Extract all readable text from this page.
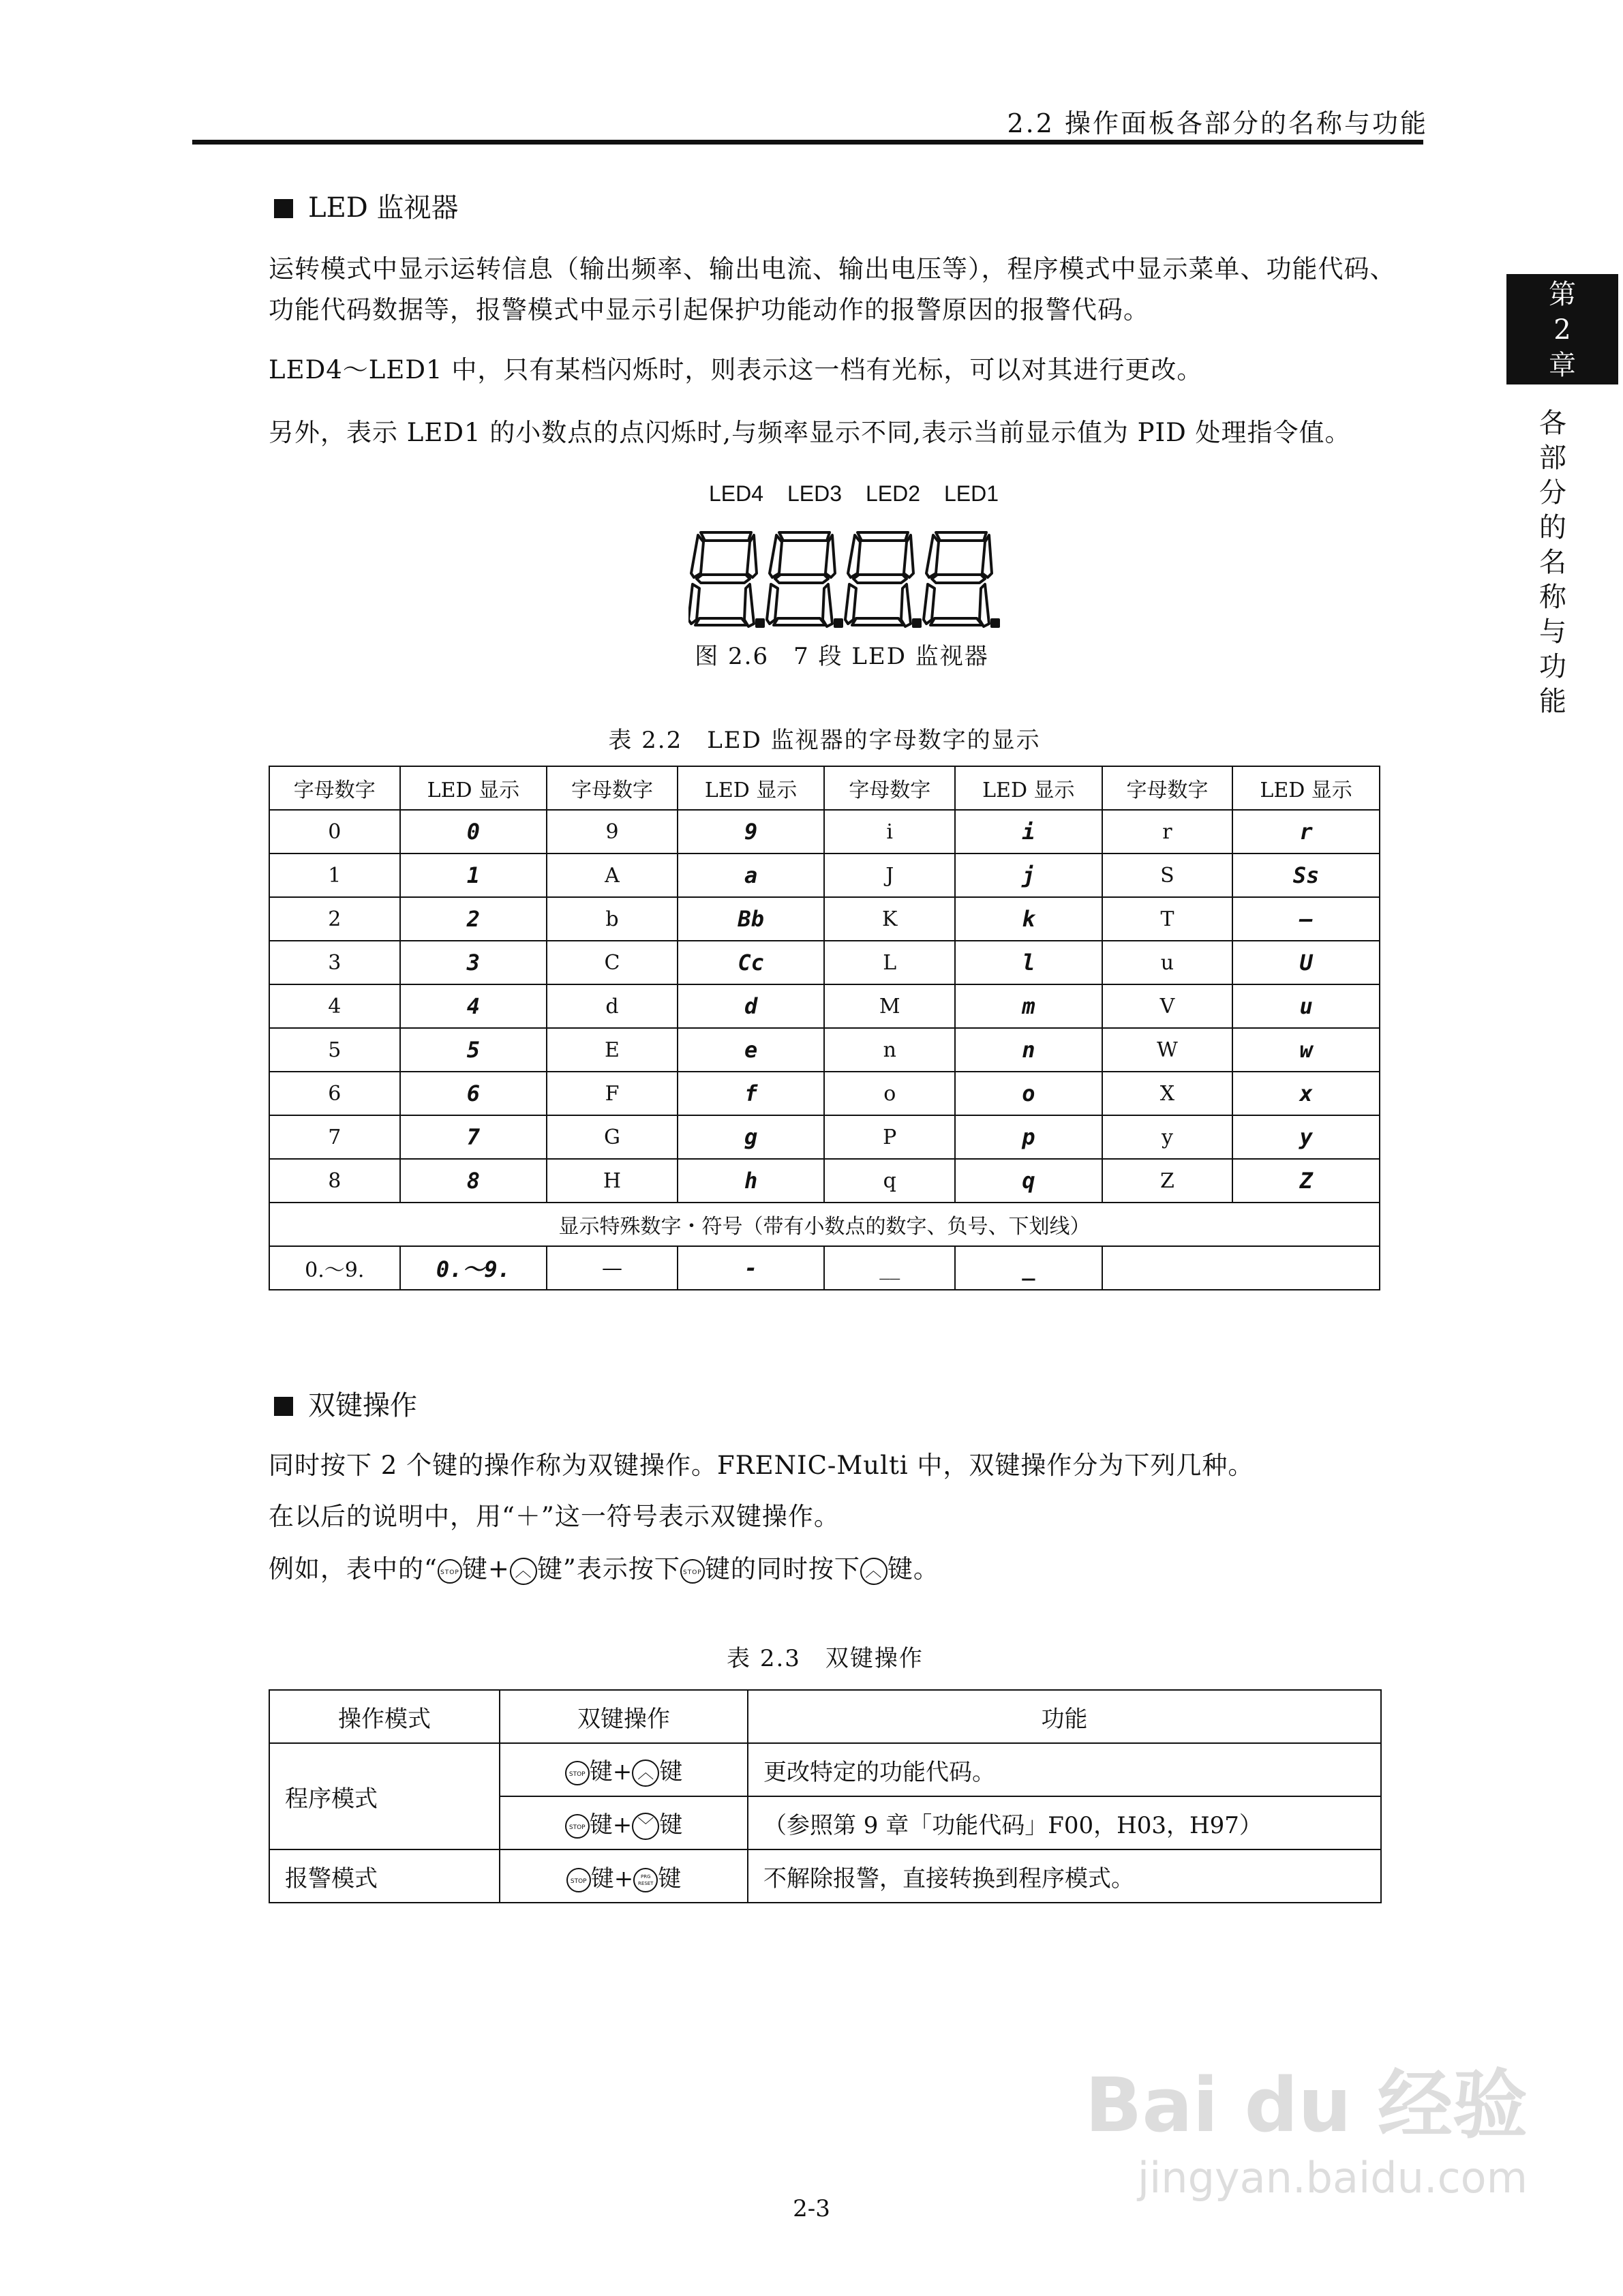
2.2 操作面板各部分的名称与功能
第
2
章
各部分的名称与功能
LED 监视器
运转模式中显示运转信息（输出频率、输出电流、输出电压等），程序模式中显示菜单、功能代码、
功能代码数据等，报警模式中显示引起保护功能动作的报警原因的报警代码。
LED4～LED1 中，只有某档闪烁时，则表示这一档有光标，可以对其进行更改。
另外，表示 LED1 的小数点的点闪烁时,与频率显示不同,表示当前显示值为 PID 处理指令值。
LED4 LED3 LED2 LED1
图 2.6　7 段 LED 监视器
表 2.2　LED 监视器的字母数字的显示
字母数字	LED 显示	字母数字	LED 显示	字母数字	LED 显示	字母数字	LED 显示
0	0	9	9	i	i	r	r
1	1	A	a	J	j	S	Ss
2	2	b	Bb	K	k	T	—
3	3	C	Cc	L	l	u	U
4	4	d	d	M	m	V	u
5	5	E	e	n	n	W	w
6	6	F	f	o	o	X	x
7	7	G	g	P	p	y	y
8	8	H	h	q	q	Z	Z
显示特殊数字・符号（带有小数点的数字、负号、下划线）							
0.～9.	0.～9.	—	-	__	_		
双键操作
同时按下 2 个键的操作称为双键操作。FRENIC-Multi 中，双键操作分为下列几种。
在以后的说明中，用“＋”这一符号表示双键操作。
例如，表中的“ STOP 键+ ︿ 键”表示按下 STOP 键的同时按下 ︿ 键。
表 2.3　双键操作
操作模式	双键操作	功能
程序模式	STOP 键+ ︿ 键	更改特定的功能代码。
	STOP 键+ ﹀ 键	（参照第 9 章「功能代码」F00，H03，H97）
报警模式	STOP 键+ PRG
RESET 键	不解除报警，直接转换到程序模式。
Bai du 经验
jingyan.baidu.com
2-3
